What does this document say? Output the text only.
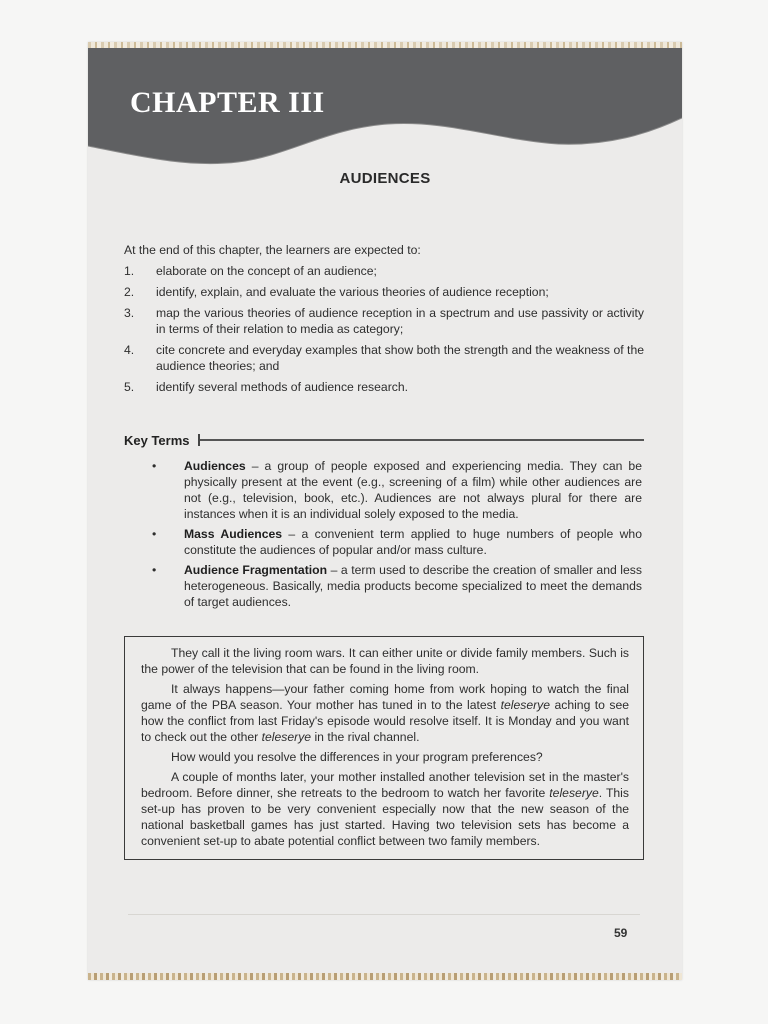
CHAPTER III
AUDIENCES

At the end of this chapter, the learners are expected to:

1. elaborate on the concept of an audience;
2. identify, explain, and evaluate the various theories of audience reception;
3. map the various theories of audience reception in a spectrum and use passivity or activity in terms of their relation to media as category;
4. cite concrete and everyday examples that show both the strength and the weakness of the audience theories; and
5. identify several methods of audience research.
Key Terms
• Audiences – a group of people exposed and experiencing media. They can be physically present at the event (e.g., screening of a film) while other audiences are not (e.g., television, book, etc.). Audiences are not always plural for there are instances when it is an individual solely exposed to the media.
• Mass Audiences – a convenient term applied to huge numbers of people who constitute the audiences of popular and/or mass culture.
• Audience Fragmentation – a term used to describe the creation of smaller and less heterogeneous. Basically, media products become specialized to meet the demands of target audiences.

They call it the living room wars. It can either unite or divide family members. Such is the power of the television that can be found in the living room.

It always happens—your father coming home from work hoping to watch the final game of the PBA season. Your mother has tuned in to the latest teleserye aching to see how the conflict from last Friday's episode would resolve itself. It is Monday and you want to check out the other teleserye in the rival channel.

How would you resolve the differences in your program preferences?

A couple of months later, your mother installed another television set in the master's bedroom. Before dinner, she retreats to the bedroom to watch her favorite teleserye. This set-up has proven to be very convenient especially now that the new season of the national basketball games has just started. Having two television sets has become a convenient set-up to abate potential conflict between two family members.

59
